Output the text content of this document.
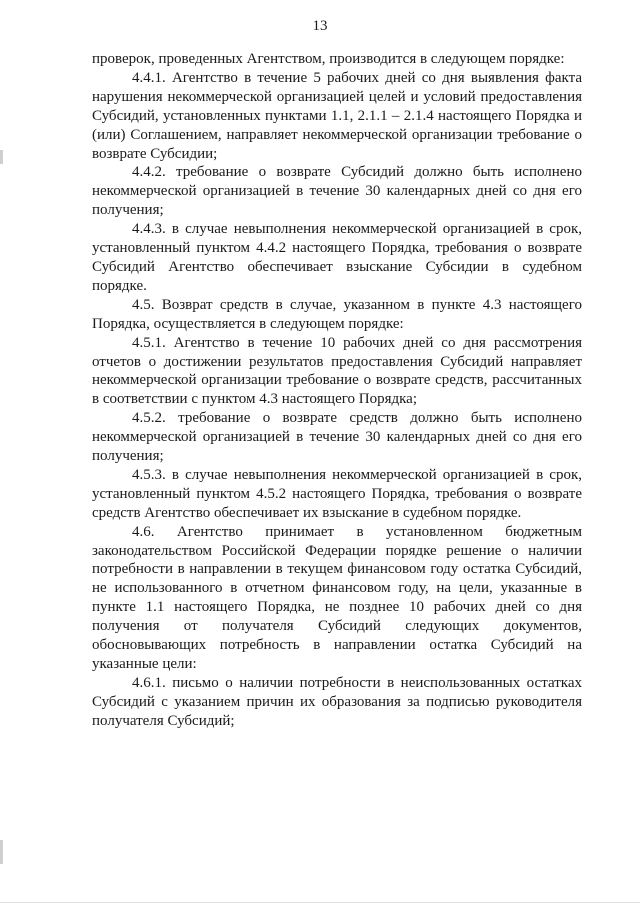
13

проверок, проведенных Агентством, производится в следующем порядке:

4.4.1. Агентство в течение 5 рабочих дней со дня выявления факта нарушения некоммерческой организацией целей и условий предоставления Субсидий, установленных пунктами 1.1, 2.1.1 – 2.1.4 настоящего Порядка и (или) Соглашением, направляет некоммерческой организации требование о возврате Субсидии;

4.4.2. требование о возврате Субсидий должно быть исполнено некоммерческой организацией в течение 30 календарных дней со дня его получения;

4.4.3. в случае невыполнения некоммерческой организацией в срок, установленный пунктом 4.4.2 настоящего Порядка, требования о возврате Субсидий Агентство обеспечивает взыскание Субсидии в судебном порядке.

4.5. Возврат средств в случае, указанном в пункте 4.3 настоящего Порядка, осуществляется в следующем порядке:

4.5.1. Агентство в течение 10 рабочих дней со дня рассмотрения отчетов о достижении результатов предоставления Субсидий направляет некоммерческой организации требование о возврате средств, рассчитанных в соответствии с пунктом 4.3 настоящего Порядка;

4.5.2. требование о возврате средств должно быть исполнено некоммерческой организацией в течение 30 календарных дней со дня его получения;

4.5.3. в случае невыполнения некоммерческой организацией в срок, установленный пунктом 4.5.2 настоящего Порядка, требования о возврате средств Агентство обеспечивает их взыскание в судебном порядке.

4.6. Агентство принимает в установленном бюджетным законодательством Российской Федерации порядке решение о наличии потребности в направлении в текущем финансовом году остатка Субсидий, не использованного в отчетном финансовом году, на цели, указанные в пункте 1.1 настоящего Порядка, не позднее 10 рабочих дней со дня получения от получателя Субсидий следующих документов, обосновывающих потребность в направлении остатка Субсидий на указанные цели:

4.6.1. письмо о наличии потребности в неиспользованных остатках Субсидий с указанием причин их образования за подписью руководителя получателя Субсидий;
